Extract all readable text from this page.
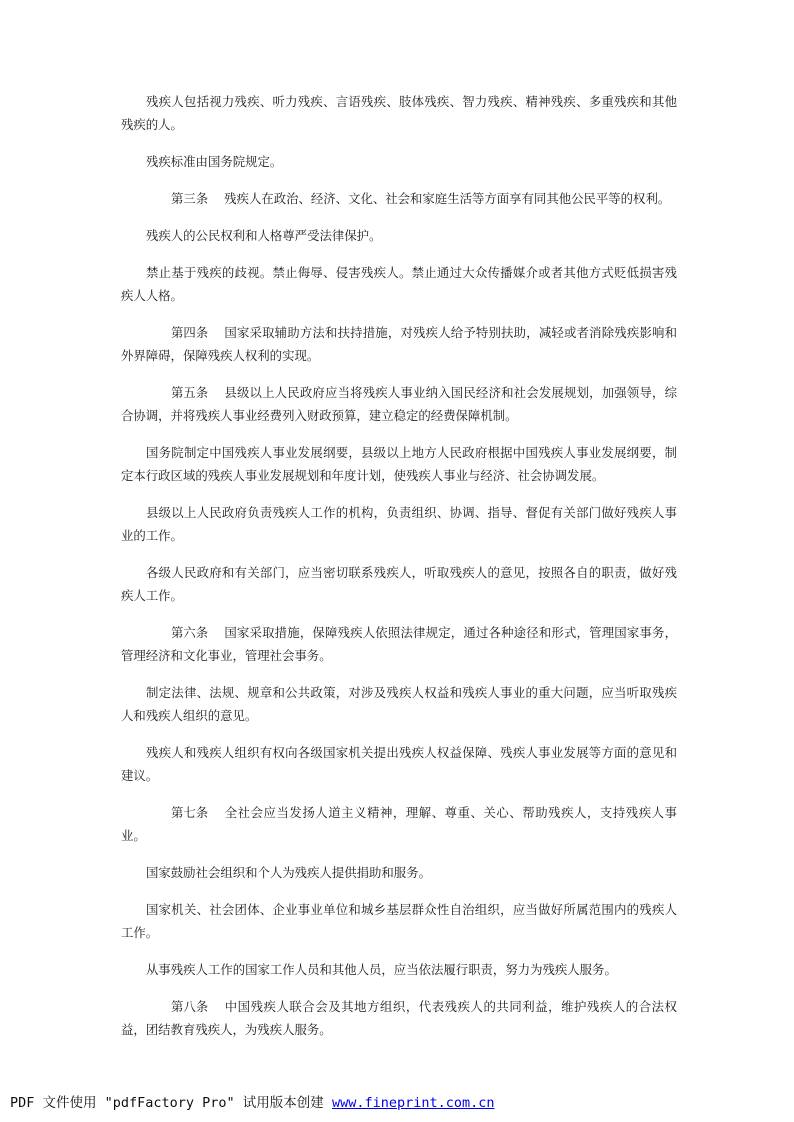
残疾人包括视力残疾、听力残疾、言语残疾、肢体残疾、智力残疾、精神残疾、多重残疾和其他残疾的人。

残疾标准由国务院规定。

第三条 残疾人在政治、经济、文化、社会和家庭生活等方面享有同其他公民平等的权利。

残疾人的公民权利和人格尊严受法律保护。

禁止基于残疾的歧视。禁止侮辱、侵害残疾人。禁止通过大众传播媒介或者其他方式贬低损害残疾人人格。

第四条 国家采取辅助方法和扶持措施，对残疾人给予特别扶助，减轻或者消除残疾影响和外界障碍，保障残疾人权利的实现。

第五条 县级以上人民政府应当将残疾人事业纳入国民经济和社会发展规划，加强领导，综合协调，并将残疾人事业经费列入财政预算，建立稳定的经费保障机制。

国务院制定中国残疾人事业发展纲要，县级以上地方人民政府根据中国残疾人事业发展纲要，制定本行政区域的残疾人事业发展规划和年度计划，使残疾人事业与经济、社会协调发展。

县级以上人民政府负责残疾人工作的机构，负责组织、协调、指导、督促有关部门做好残疾人事业的工作。

各级人民政府和有关部门，应当密切联系残疾人，听取残疾人的意见，按照各自的职责，做好残疾人工作。

第六条 国家采取措施，保障残疾人依照法律规定，通过各种途径和形式，管理国家事务，管理经济和文化事业，管理社会事务。

制定法律、法规、规章和公共政策，对涉及残疾人权益和残疾人事业的重大问题，应当听取残疾人和残疾人组织的意见。

残疾人和残疾人组织有权向各级国家机关提出残疾人权益保障、残疾人事业发展等方面的意见和建议。

第七条 全社会应当发扬人道主义精神，理解、尊重、关心、帮助残疾人，支持残疾人事业。

国家鼓励社会组织和个人为残疾人提供捐助和服务。

国家机关、社会团体、企业事业单位和城乡基层群众性自治组织，应当做好所属范围内的残疾人工作。

从事残疾人工作的国家工作人员和其他人员，应当依法履行职责，努力为残疾人服务。

第八条 中国残疾人联合会及其地方组织，代表残疾人的共同利益，维护残疾人的合法权益，团结教育残疾人，为残疾人服务。

PDF 文件使用 "pdfFactory Pro" 试用版本创建 www.fineprint.com.cn
